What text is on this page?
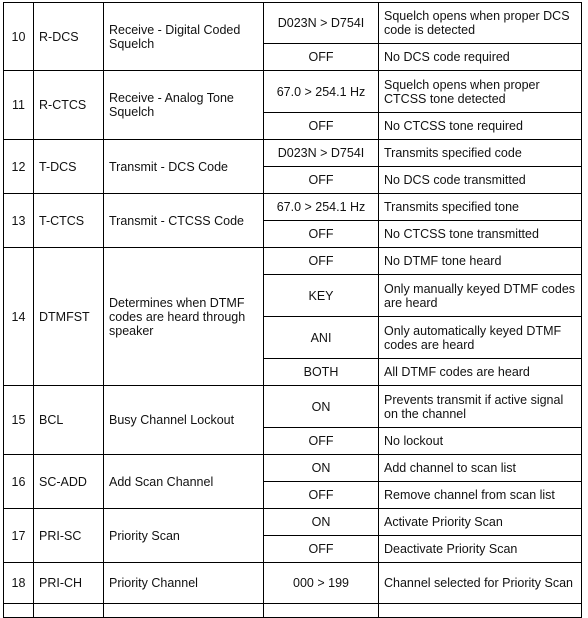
10	R-DCS	Receive - Digital Coded Squelch	D023N > D754I	Squelch opens when proper DCS code is detected
			OFF	No DCS code required
11	R-CTCS	Receive - Analog Tone Squelch	67.0 > 254.1 Hz	Squelch opens when proper CTCSS tone detected
			OFF	No CTCSS tone required
12	T-DCS	Transmit - DCS Code	D023N > D754I	Transmits specified code
			OFF	No DCS code transmitted
13	T-CTCS	Transmit - CTCSS Code	67.0 > 254.1 Hz	Transmits specified tone
			OFF	No CTCSS tone transmitted
14	DTMFST	Determines when DTMF codes are heard through speaker	OFF	No DTMF tone heard
			KEY	Only manually keyed DTMF codes are heard
			ANI	Only automatically keyed DTMF codes are heard
			BOTH	All DTMF codes are heard
15	BCL	Busy Channel Lockout	ON	Prevents transmit if active signal on the channel
			OFF	No lockout
16	SC-ADD	Add Scan Channel	ON	Add channel to scan list
			OFF	Remove channel from scan list
17	PRI-SC	Priority Scan	ON	Activate Priority Scan
			OFF	Deactivate Priority Scan
18	PRI-CH	Priority Channel	000 > 199	Channel selected for Priority Scan
